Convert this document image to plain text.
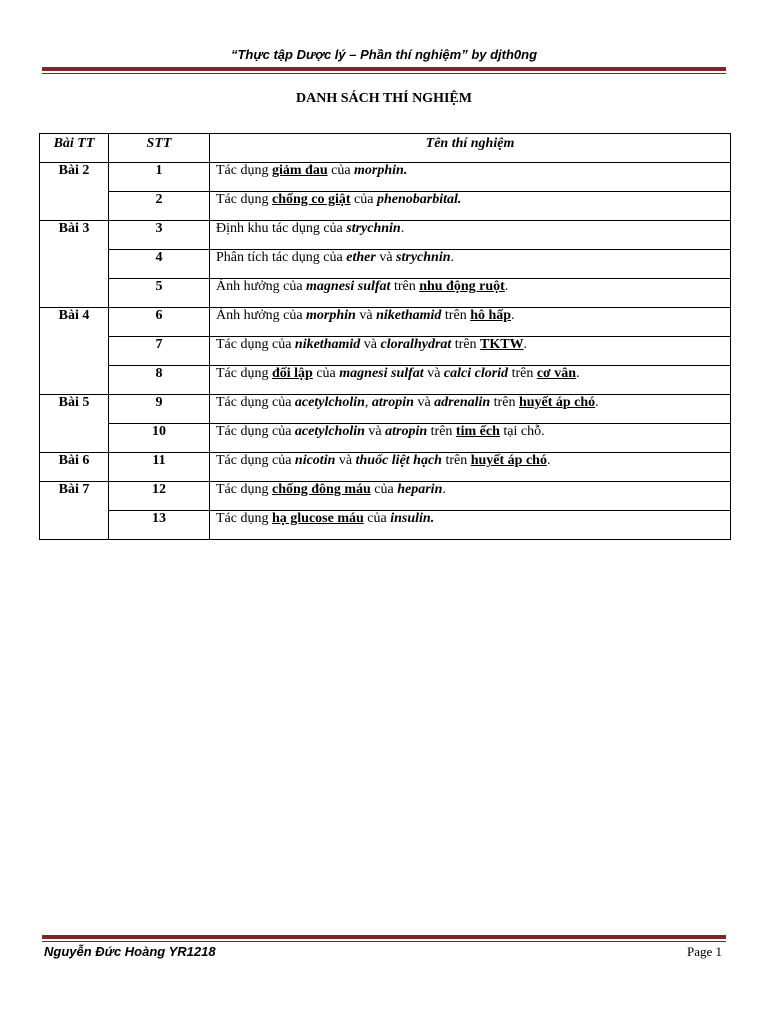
“Thực tập Dược lý – Phần thí nghiệm” by djth0ng
DANH SÁCH THÍ NGHIỆM
Bài TT	STT	Tên thí nghiệm
Bài 2	1	Tác dụng giảm đau của morphin.
	2	Tác dụng chống co giật của phenobarbital.
Bài 3	3	Định khu tác dụng của strychnin.
	4	Phân tích tác dụng của ether và strychnin.
	5	Ảnh hưởng của magnesi sulfat trên nhu động ruột.
Bài 4	6	Ảnh hưởng của morphin và nikethamid trên hô hấp.
	7	Tác dụng của nikethamid và cloralhydrat trên TKTW.
	8	Tác dụng đối lập của magnesi sulfat và calci clorid trên cơ vân.
Bài 5	9	Tác dụng của acetylcholin, atropin và adrenalin trên huyết áp chó.
	10	Tác dụng của acetylcholin và atropin trên tim ếch tại chỗ.
Bài 6	11	Tác dụng của nicotin và thuốc liệt hạch trên huyết áp chó.
Bài 7	12	Tác dụng chống đông máu của heparin.
	13	Tác dụng hạ glucose máu của insulin.
Nguyễn Đức Hoàng YR1218	Page 1
